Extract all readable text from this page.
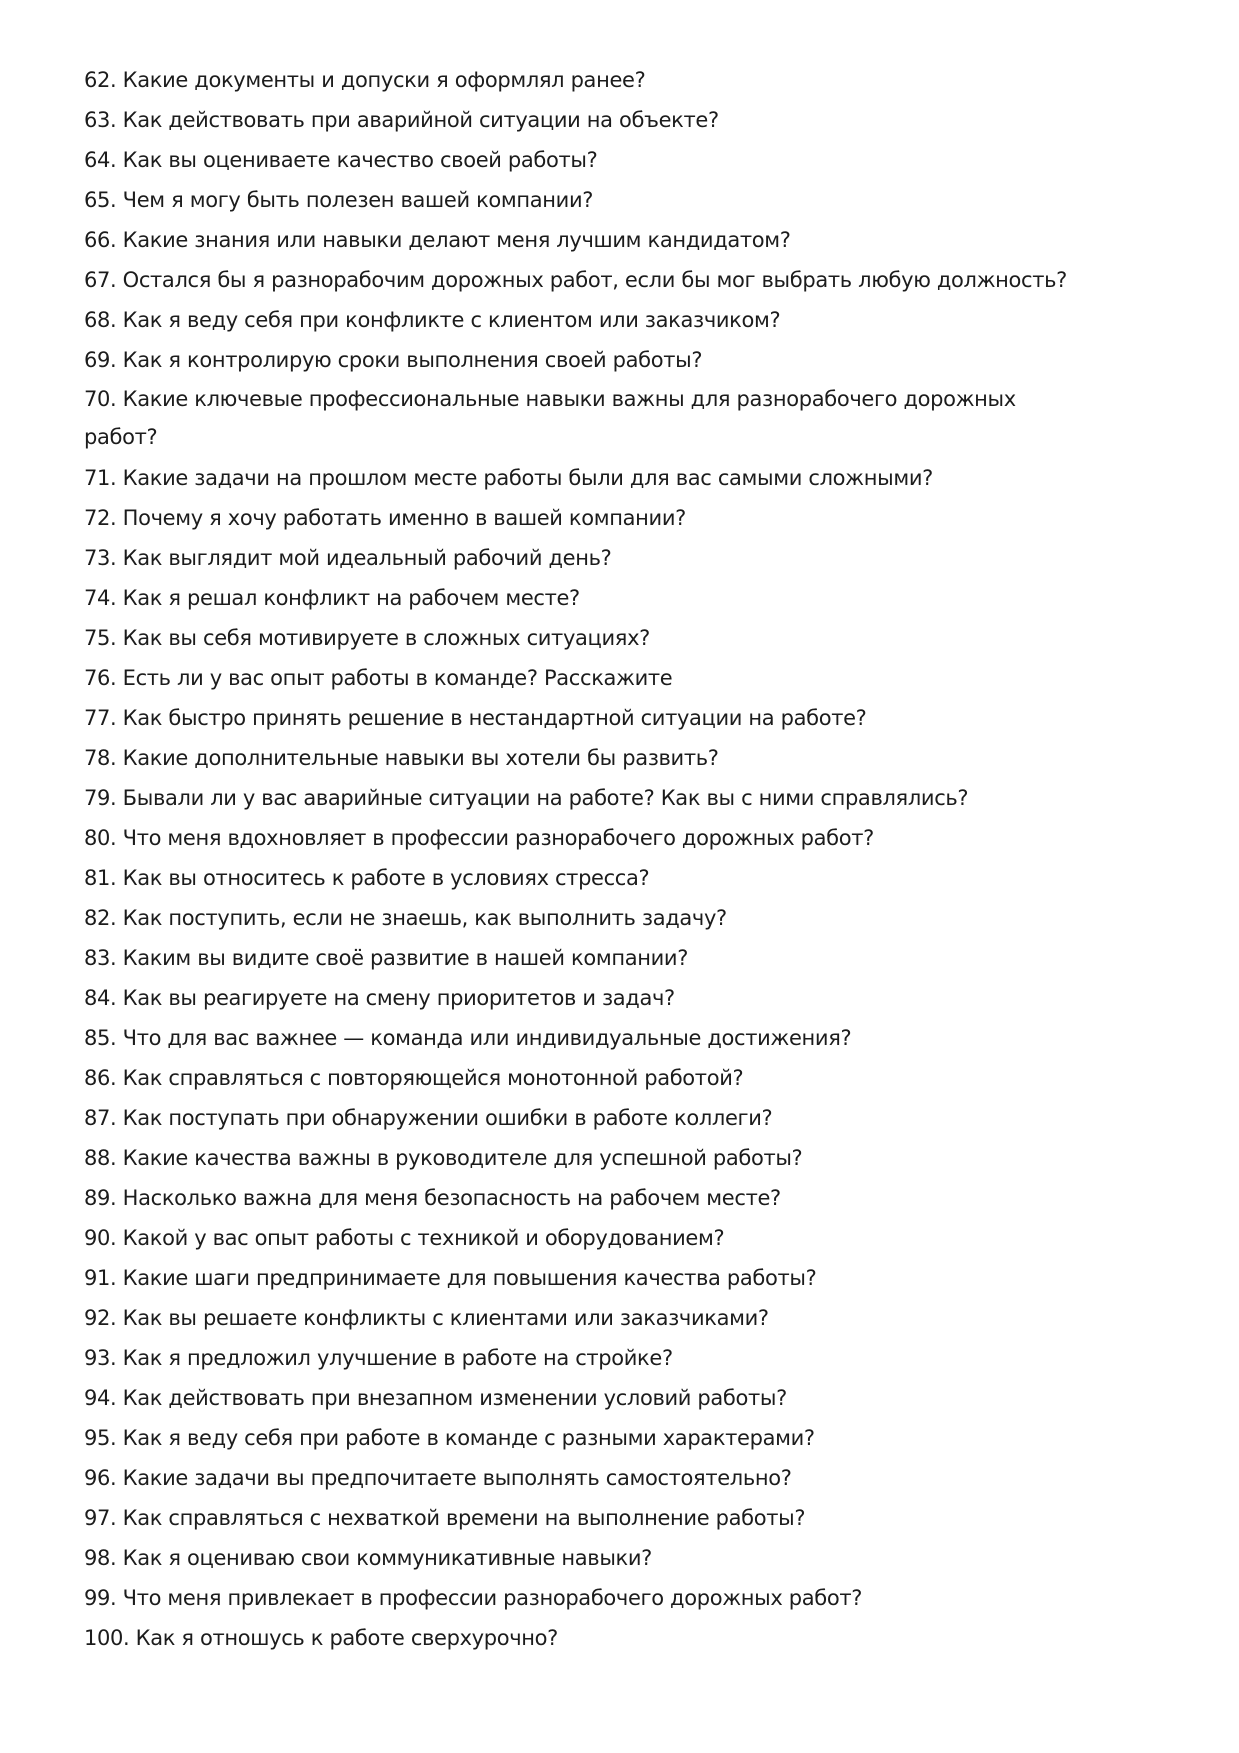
62. Какие документы и допуски я оформлял ранее?

63. Как действовать при аварийной ситуации на объекте?

64. Как вы оцениваете качество своей работы?

65. Чем я могу быть полезен вашей компании?

66. Какие знания или навыки делают меня лучшим кандидатом?

67. Остался бы я разнорабочим дорожных работ, если бы мог выбрать любую должность?

68. Как я веду себя при конфликте с клиентом или заказчиком?

69. Как я контролирую сроки выполнения своей работы?

70. Какие ключевые профессиональные навыки важны для разнорабочего дорожных работ?

71. Какие задачи на прошлом месте работы были для вас самыми сложными?

72. Почему я хочу работать именно в вашей компании?

73. Как выглядит мой идеальный рабочий день?

74. Как я решал конфликт на рабочем месте?

75. Как вы себя мотивируете в сложных ситуациях?

76. Есть ли у вас опыт работы в команде? Расскажите

77. Как быстро принять решение в нестандартной ситуации на работе?

78. Какие дополнительные навыки вы хотели бы развить?

79. Бывали ли у вас аварийные ситуации на работе? Как вы с ними справлялись?

80. Что меня вдохновляет в профессии разнорабочего дорожных работ?

81. Как вы относитесь к работе в условиях стресса?

82. Как поступить, если не знаешь, как выполнить задачу?

83. Каким вы видите своё развитие в нашей компании?

84. Как вы реагируете на смену приоритетов и задач?

85. Что для вас важнее — команда или индивидуальные достижения?

86. Как справляться с повторяющейся монотонной работой?

87. Как поступать при обнаружении ошибки в работе коллеги?

88. Какие качества важны в руководителе для успешной работы?

89. Насколько важна для меня безопасность на рабочем месте?

90. Какой у вас опыт работы с техникой и оборудованием?

91. Какие шаги предпринимаете для повышения качества работы?

92. Как вы решаете конфликты с клиентами или заказчиками?

93. Как я предложил улучшение в работе на стройке?

94. Как действовать при внезапном изменении условий работы?

95. Как я веду себя при работе в команде с разными характерами?

96. Какие задачи вы предпочитаете выполнять самостоятельно?

97. Как справляться с нехваткой времени на выполнение работы?

98. Как я оцениваю свои коммуникативные навыки?

99. Что меня привлекает в профессии разнорабочего дорожных работ?

100. Как я отношусь к работе сверхурочно?
